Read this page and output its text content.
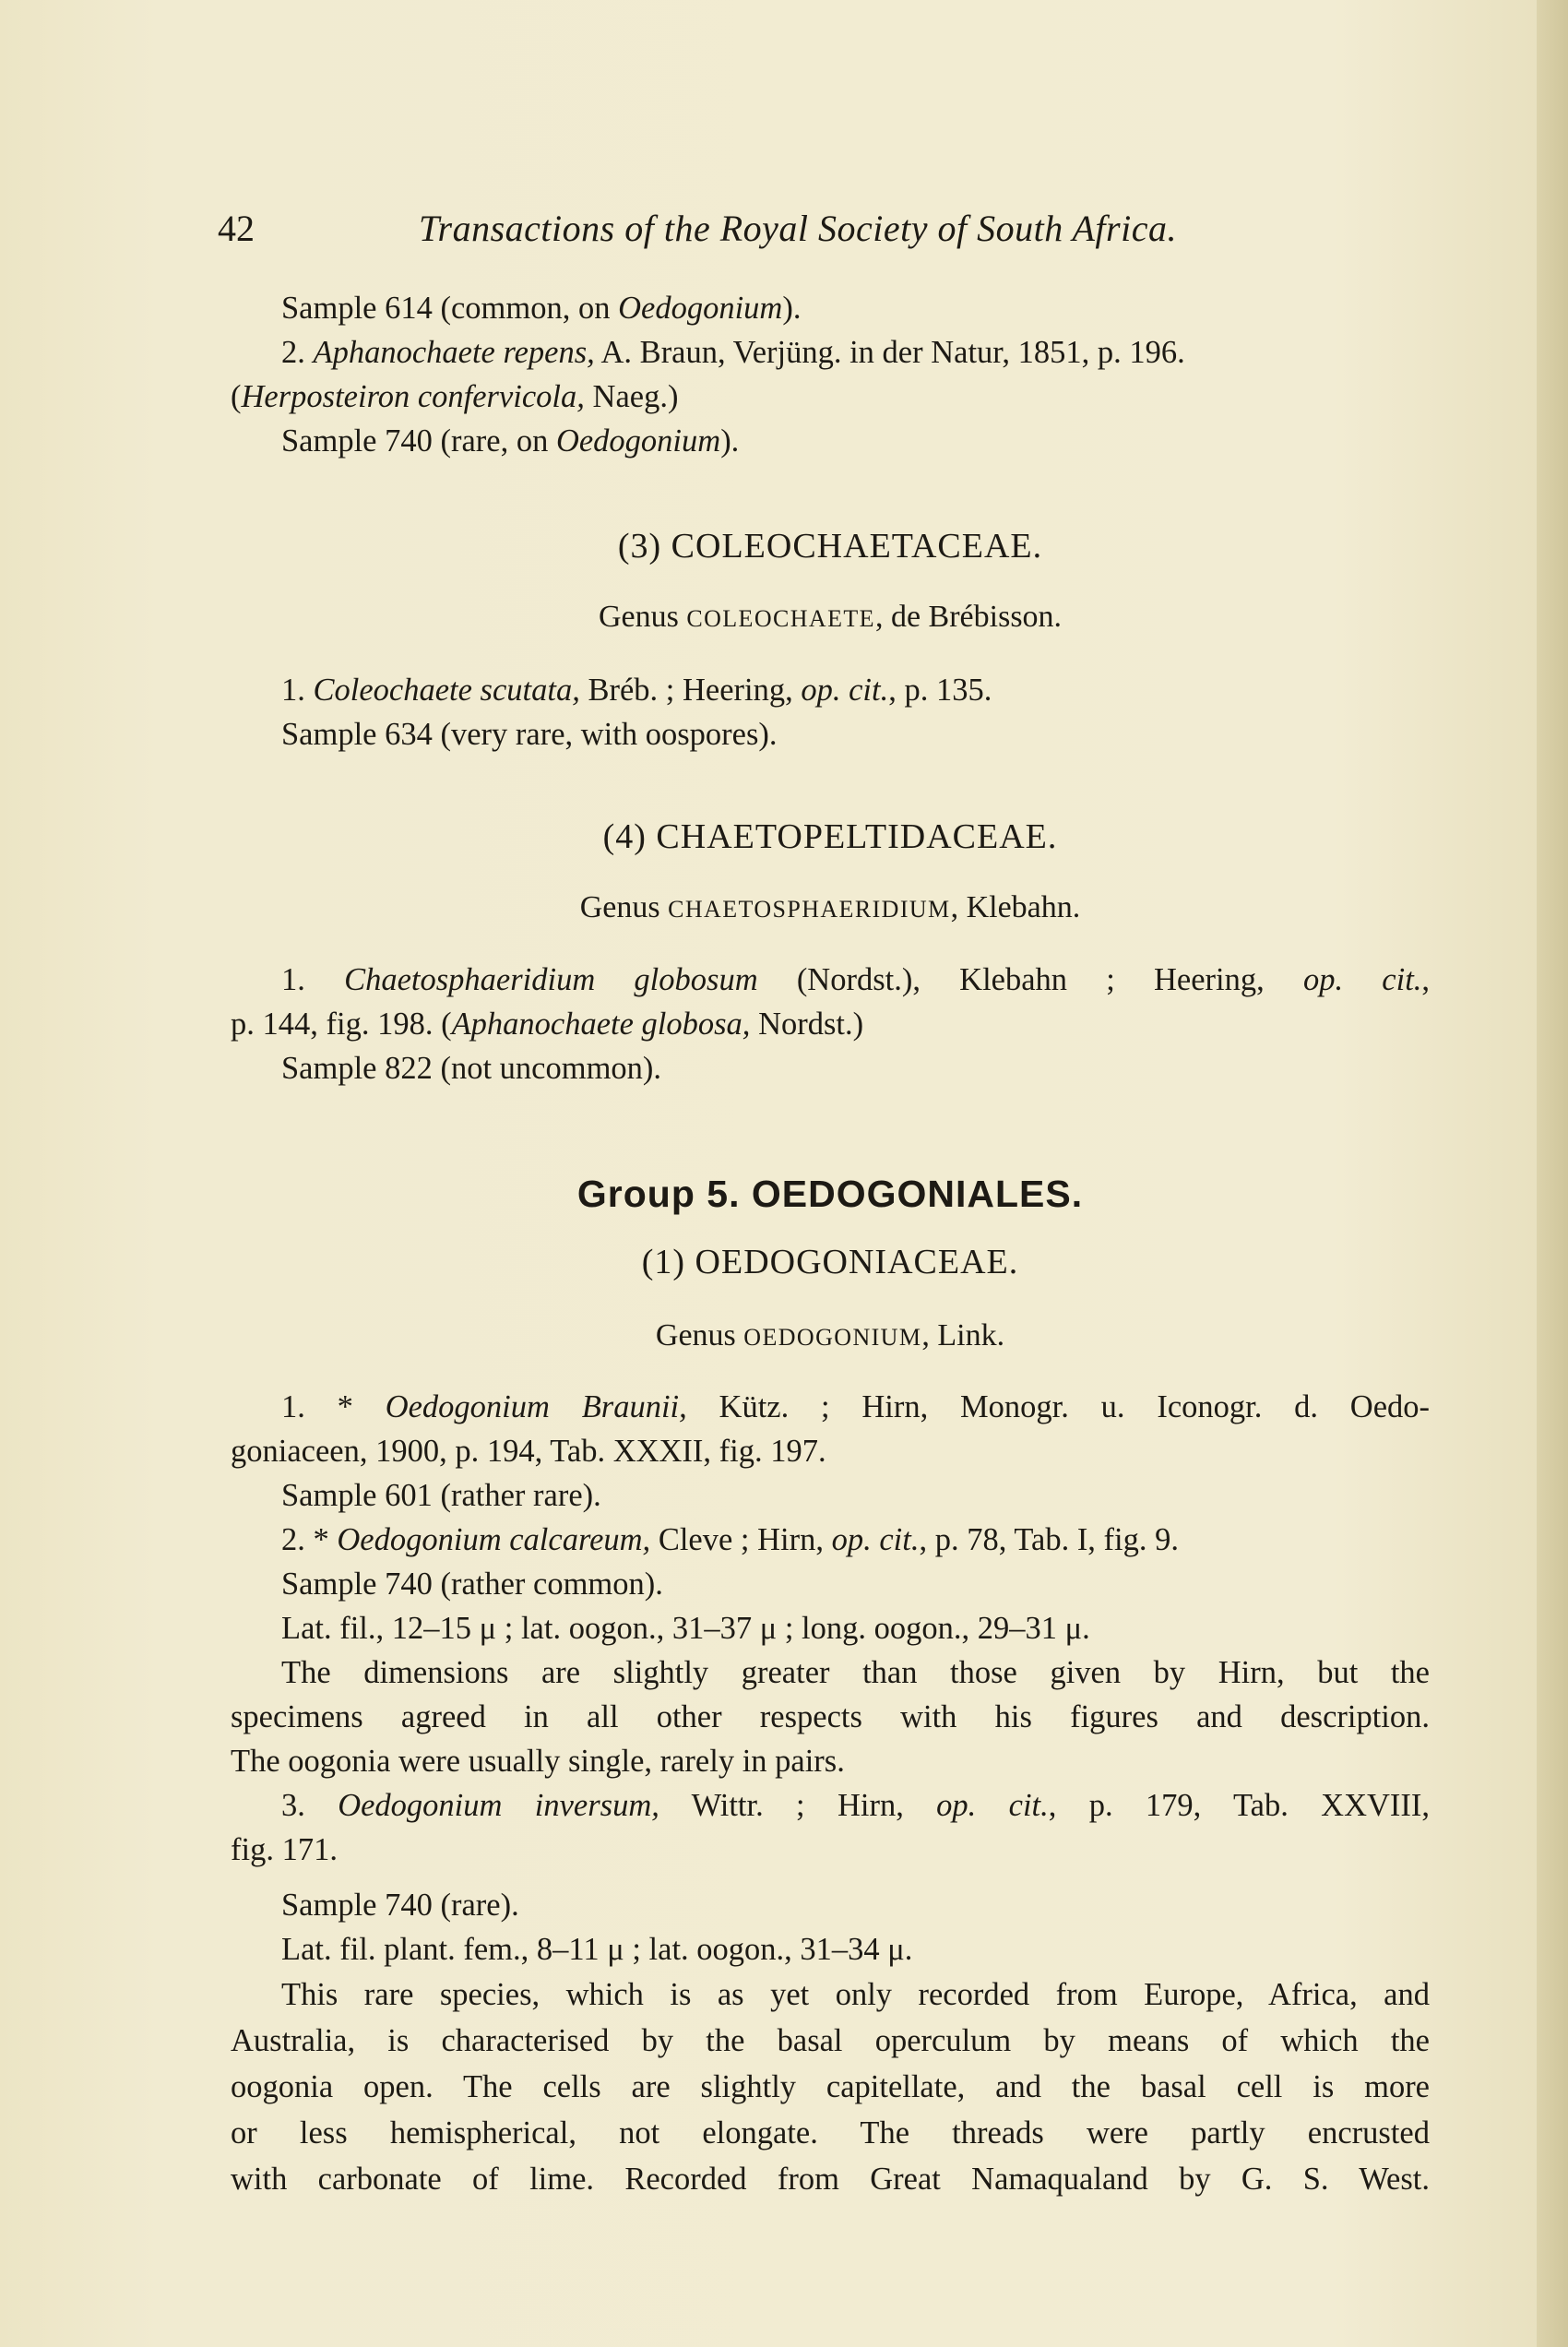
42	Transactions of the Royal Society of South Africa.
Sample 614 (common, on Oedogonium).
2. Aphanochaete repens, A. Braun, Verjüng. in der Natur, 1851, p. 196.
(Herposteiron confervicola, Naeg.)
Sample 740 (rare, on Oedogonium).
(3) COLEOCHAETACEAE.
Genus COLEOCHAETE, de Brébisson.
1. Coleochaete scutata, Bréb. ; Heering, op. cit., p. 135.
Sample 634 (very rare, with oospores).
(4) CHAETOPELTIDACEAE.
Genus CHAETOSPHAERIDIUM, Klebahn.
1. Chaetosphaeridium globosum (Nordst.), Klebahn ; Heering, op. cit.,
p. 144, fig. 198. (Aphanochaete globosa, Nordst.)
Sample 822 (not uncommon).
Group 5. OEDOGONIALES.
(1) OEDOGONIACEAE.
Genus OEDOGONIUM, Link.
1. * Oedogonium Braunii, Kütz. ; Hirn, Monogr. u. Iconogr. d. Oedo-
goniaceen, 1900, p. 194, Tab. XXXII, fig. 197.
Sample 601 (rather rare).
2. * Oedogonium calcareum, Cleve ; Hirn, op. cit., p. 78, Tab. I, fig. 9.
Sample 740 (rather common).
Lat. fil., 12–15 μ ; lat. oogon., 31–37 μ ; long. oogon., 29–31 μ.
The dimensions are slightly greater than those given by Hirn, but the
specimens agreed in all other respects with his figures and description.
The oogonia were usually single, rarely in pairs.
3. Oedogonium inversum, Wittr. ; Hirn, op. cit., p. 179, Tab. XXVIII,
fig. 171.
Sample 740 (rare).
Lat. fil. plant. fem., 8–11 μ ; lat. oogon., 31–34 μ.
This rare species, which is as yet only recorded from Europe, Africa, and
Australia, is characterised by the basal operculum by means of which the
oogonia open. The cells are slightly capitellate, and the basal cell is more
or less hemispherical, not elongate. The threads were partly encrusted
with carbonate of lime. Recorded from Great Namaqualand by G. S. West.
